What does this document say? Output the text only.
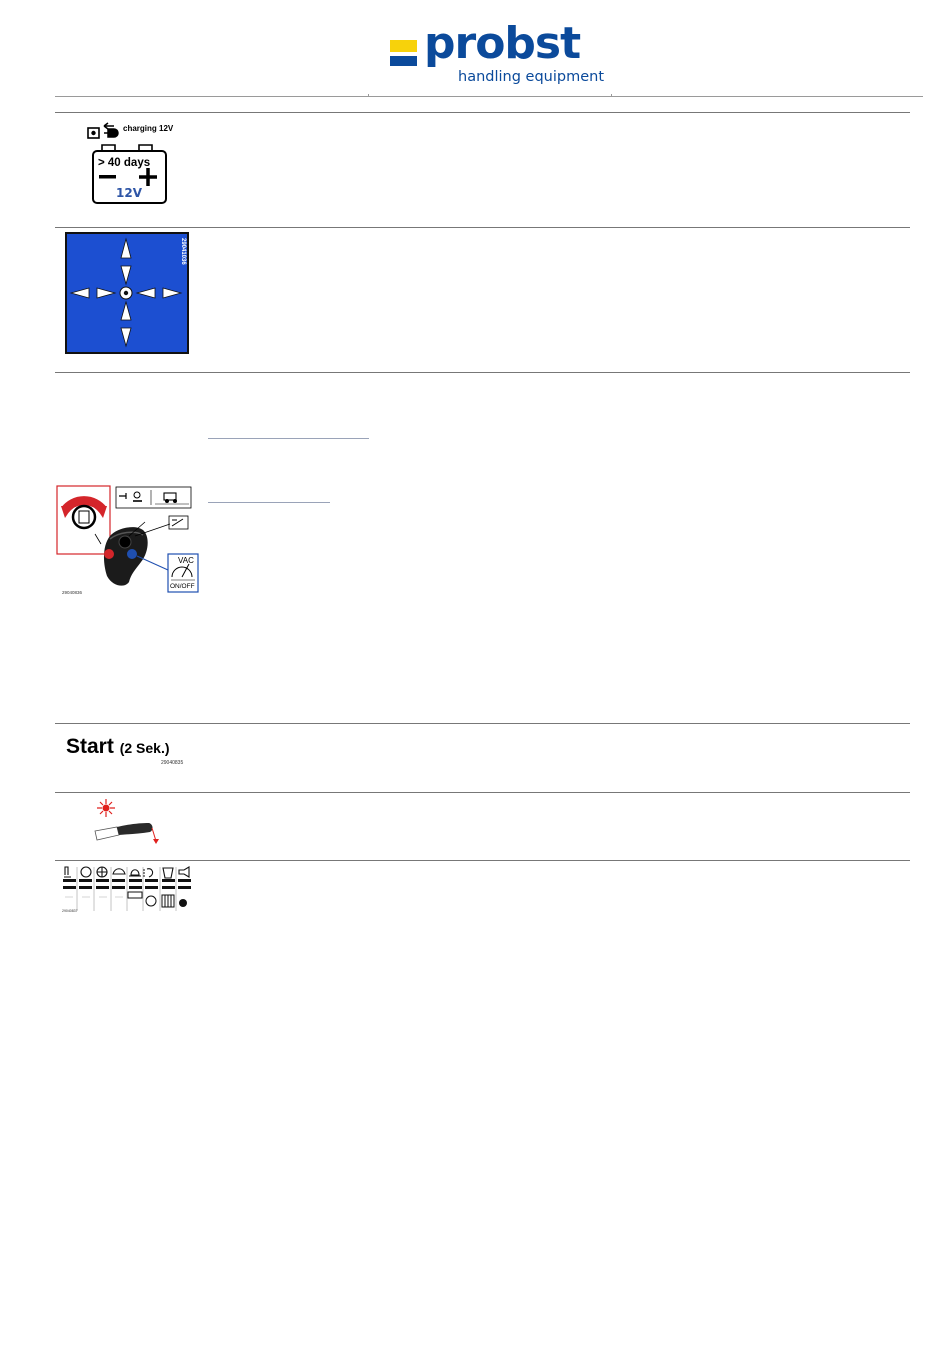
probst
handling equipment
charging 12V
> 40 days
12V
29041036
VAC
ON/OFF
29040836
Start (2 Sek.)
29040835
29040837
